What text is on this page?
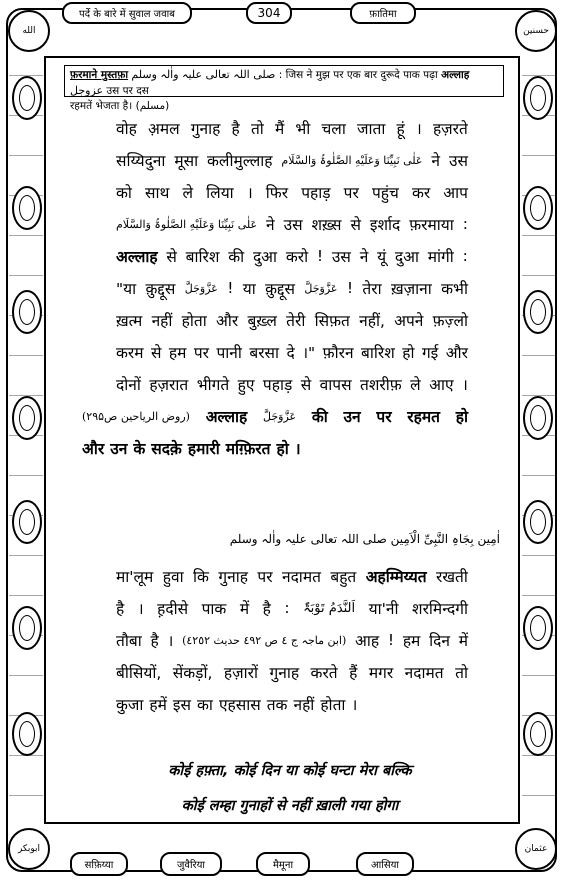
पर्दे के बारे में सुवाल जवाब	304	फ़ातिमा
الله	حسنین
ابوبکر	عثمان
सफ़िय्या	जुवैरिया	मैमूना	आसिया
फ़रमाने मुस्तफ़ा صلی اللہ تعالی علیہ واٰلہ وسلم : जिस ने मुझ पर एक बार दुरूदे पाक पढ़ा अल्लाह عزوجل उस पर दस
रहमतें भेजता है। (مسلم)
वोह अ़मल गुनाह है तो मैं भी चला जाता हूं । हज़रते
सय्यिदुना मूसा कलीमुल्लाह عَلٰی نَبِیِّنَا وَعَلَیْهِ الصَّلٰوۃُ وَالسَّلَام ने उस
को साथ ले लिया । फिर पहाड़ पर पहुंच कर आप
عَلٰی نَبِیِّنَا وَعَلَیْهِ الصَّلٰوۃُ وَالسَّلَام ने उस शख़्स से इर्शाद फ़रमाया :
अल्लाह से बारिश की दुआ करो ! उस ने यूं दुआ मांगी :
"या क़ुद्दूस عَزَّوَجَلَّ ! या क़ुद्दूस عَزَّوَجَلَّ ! तेरा ख़ज़ाना कभी
ख़त्म नहीं होता और बुख़्ल तेरी सिफ़त नहीं, अपने फ़ज़्लो
करम से हम पर पानी बरसा दे ।" फ़ौरन बारिश हो गई और
दोनों हज़रात भीगते हुए पहाड़ से वापस तशरीफ़ ले आए ।
(روض الریاحین ص۲۹۵) अल्लाह عَزَّوَجَلَّ की उन पर रहमत हो
और उन के सदके़ हमारी मग़्फ़िरत हो ।
اٰمِین بِجَاہِ النَّبِیِّ الْاَمِین صلی اللہ تعالی علیہ واٰلہ وسلم
मा'लूम हुवा कि गुनाह पर नदामत बहुत अहम्मिय्यत रखती
है । ह़दीसे पाक में है : اَلنَّدَمُ تَوْبَۃٌ या'नी शरमिन्दगी
तौबा है । (ابن ماجہ ج ٤ ص ٤٩٢ حدیث ٤٢٥٢) आह ! हम दिन में
बीसियों, सेंकड़ों, हज़ारों गुनाह करते हैं मगर नदामत तो
कुजा हमें इस का एहसास तक नहीं होता ।
कोई हफ़्ता, कोई दिन या कोई घन्टा मेरा बल्कि
कोई लम्हा गुनाहों से नहीं ख़ाली गया होगा
